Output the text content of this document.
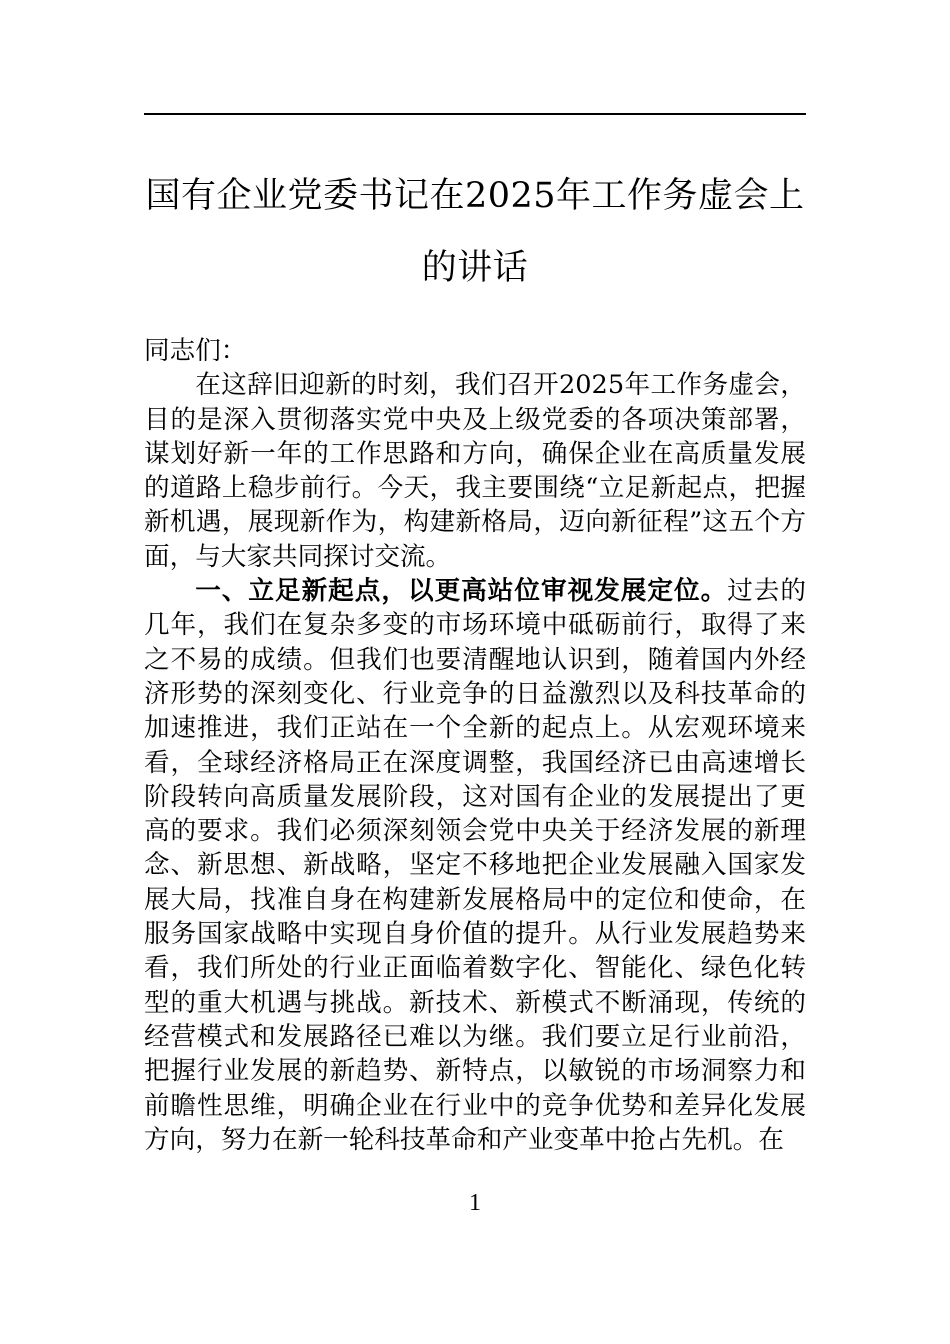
国有企业党委书记在2025年工作务虚会上的讲话

同志们：

在这辞旧迎新的时刻，我们召开2025年工作务虚会，目的是深入贯彻落实党中央及上级党委的各项决策部署，谋划好新一年的工作思路和方向，确保企业在高质量发展的道路上稳步前行。今天，我主要围绕“立足新起点，把握新机遇，展现新作为，构建新格局，迈向新征程”这五个方面，与大家共同探讨交流。

一、立足新起点，以更高站位审视发展定位。过去的几年，我们在复杂多变的市场环境中砥砺前行，取得了来之不易的成绩。但我们也要清醒地认识到，随着国内外经济形势的深刻变化、行业竞争的日益激烈以及科技革命的加速推进，我们正站在一个全新的起点上。从宏观环境来看，全球经济格局正在深度调整，我国经济已由高速增长阶段转向高质量发展阶段，这对国有企业的发展提出了更高的要求。我们必须深刻领会党中央关于经济发展的新理念、新思想、新战略，坚定不移地把企业发展融入国家发展大局，找准自身在构建新发展格局中的定位和使命，在服务国家战略中实现自身价值的提升。从行业发展趋势来看，我们所处的行业正面临着数字化、智能化、绿色化转型的重大机遇与挑战。新技术、新模式不断涌现，传统的经营模式和发展路径已难以为继。我们要立足行业前沿，把握行业发展的新趋势、新特点，以敏锐的市场洞察力和前瞻性思维，明确企业在行业中的竞争优势和差异化发展方向，努力在新一轮科技革命和产业变革中抢占先机。在

1
